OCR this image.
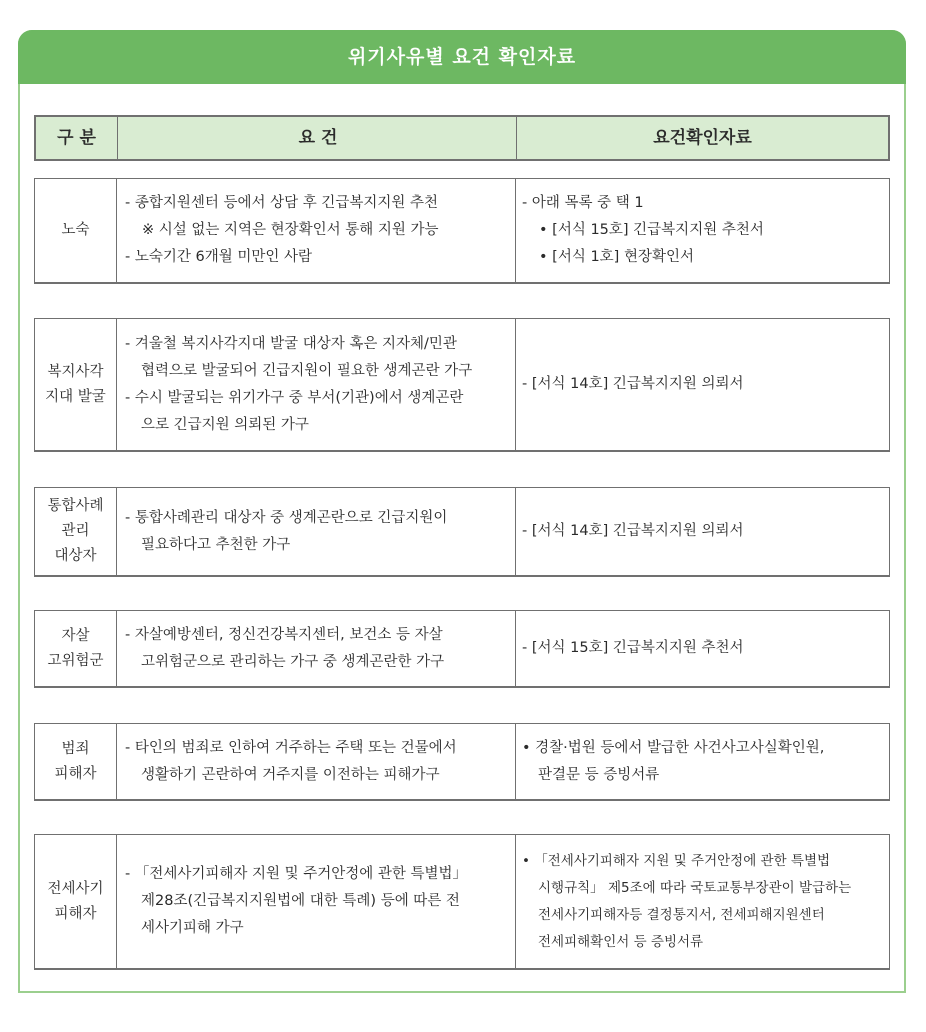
위기사유별 요건 확인자료
구 분	요 건	요건확인자료
노숙
- 종합지원센터 등에서 상담 후 긴급복지지원 추천
※ 시설 없는 지역은 현장확인서 통해 지원 가능
- 노숙기간 6개월 미만인 사람
- 아래 목록 중 택 1
• [서식 15호] 긴급복지지원 추천서
• [서식 1호] 현장확인서
복지사각
지대 발굴
- 겨울철 복지사각지대 발굴 대상자 혹은 지자체/민관
협력으로 발굴되어 긴급지원이 필요한 생계곤란 가구
- 수시 발굴되는 위기가구 중 부서(기관)에서 생계곤란
으로 긴급지원 의뢰된 가구
- [서식 14호] 긴급복지지원 의뢰서
통합사례
관리
대상자
- 통합사례관리 대상자 중 생계곤란으로 긴급지원이
필요하다고 추천한 가구
- [서식 14호] 긴급복지지원 의뢰서
자살
고위험군
- 자살예방센터, 정신건강복지센터, 보건소 등 자살
고위험군으로 관리하는 가구 중 생계곤란한 가구
- [서식 15호] 긴급복지지원 추천서
범죄
피해자
- 타인의 범죄로 인하여 거주하는 주택 또는 건물에서
생활하기 곤란하여 거주지를 이전하는 피해가구
• 경찰·법원 등에서 발급한 사건사고사실확인원,
판결문 등 증빙서류
전세사기
피해자
- 「전세사기피해자 지원 및 주거안정에 관한 특별법」
제28조(긴급복지지원법에 대한 특례) 등에 따른 전
세사기피해 가구
• 「전세사기피해자 지원 및 주거안정에 관한 특별법
시행규칙」 제5조에 따라 국토교통부장관이 발급하는
전세사기피해자등 결정통지서, 전세피해지원센터
전세피해확인서 등 증빙서류
